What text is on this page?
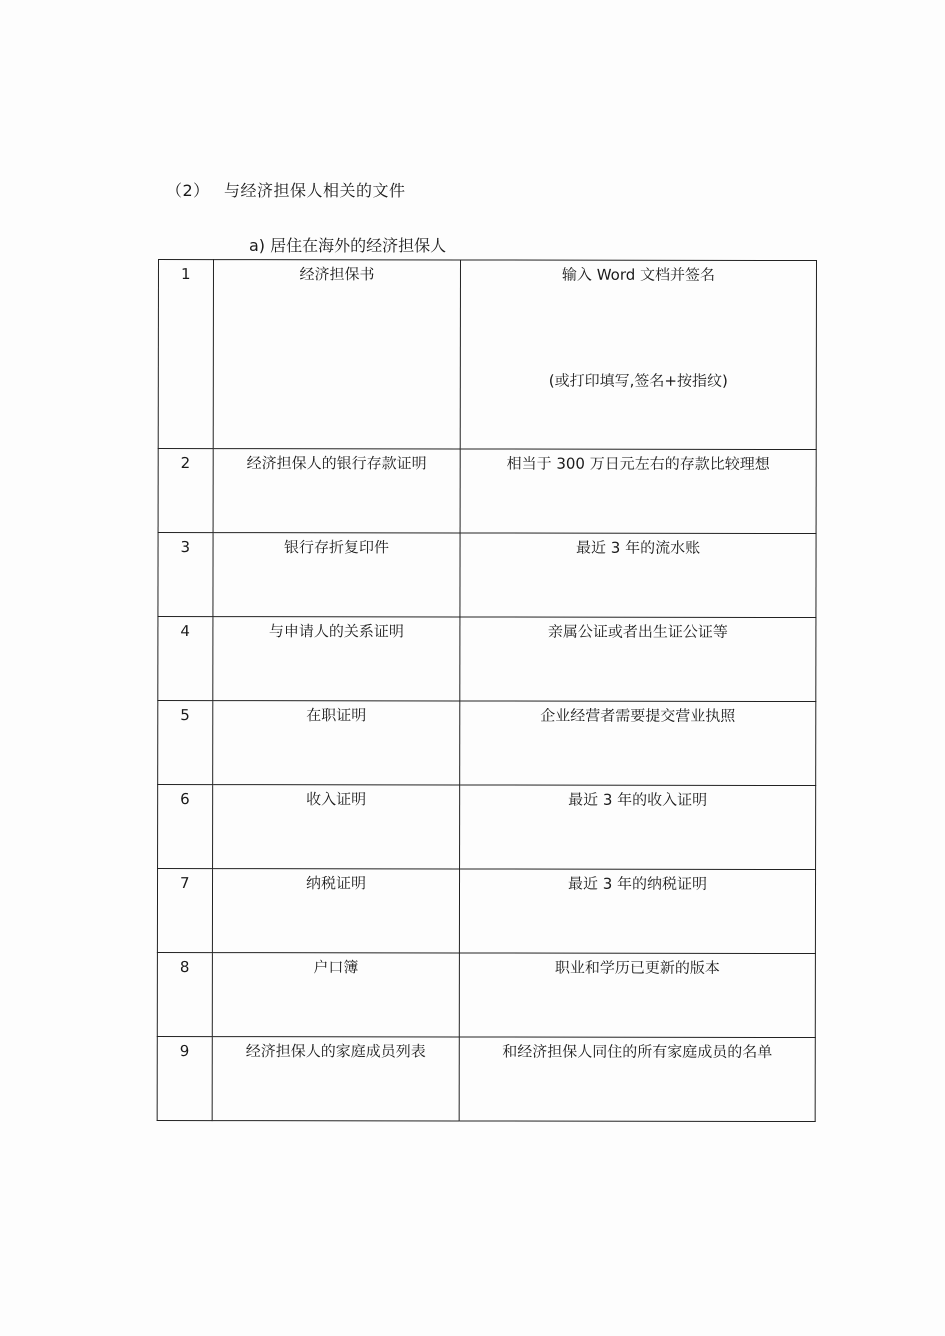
（2） 与经济担保人相关的文件
a) 居住在海外的经济担保人
1	经济担保书	输入 Word 文档并签名
(或打印填写,签名+按指纹)

2	经济担保人的银行存款证明	相当于 300 万日元左右的存款比较理想
3	银行存折复印件	最近 3 年的流水账
4	与申请人的关系证明	亲属公证或者出生证公证等
5	在职证明	企业经营者需要提交营业执照
6	收入证明	最近 3 年的收入证明
7	纳税证明	最近 3 年的纳税证明
8	户口簿	职业和学历已更新的版本
9	经济担保人的家庭成员列表	和经济担保人同住的所有家庭成员的名单
